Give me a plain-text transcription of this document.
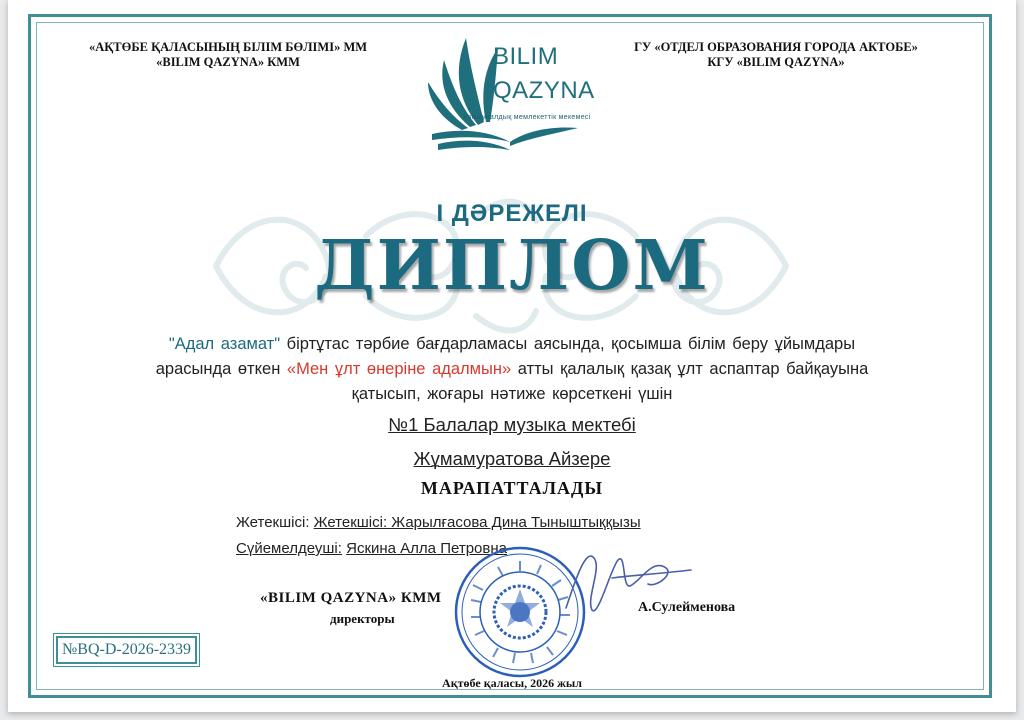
«АҚТӨБЕ ҚАЛАСЫНЫҢ БІЛІМ БӨЛІМІ» ММ
«BILIM QAZYNA» КММ
ГУ «ОТДЕЛ ОБРАЗОВАНИЯ ГОРОДА АКТОБЕ»
КГУ «BILIM QAZYNA»
BILIM
QAZYNA
коммуналдық мемлекеттік мекемесі
І ДӘРЕЖЕЛІ
ДИПЛОМ
"Адал азамат" біртұтас тәрбие бағдарламасы аясында, қосымша білім беру ұйымдары арасында өткен «Мен ұлт өнеріне адалмын» атты қалалық қазақ ұлт аспаптар байқауына қатысып, жоғары нәтиже көрсеткені үшін
№1 Балалар музыка мектебі
Жұмамуратова Айзере
МАРАПАТТАЛАДЫ
Жетекшісі: Жетекшісі: Жарылғасова Дина Тыныштыққызы
Сүйемелдеуші: Яскина Алла Петровна
«BILIM QAZYNA» КММ
директоры
А.Сулейменова
Ақтөбе қаласы, 2026 жыл
№BQ-D-2026-2339
